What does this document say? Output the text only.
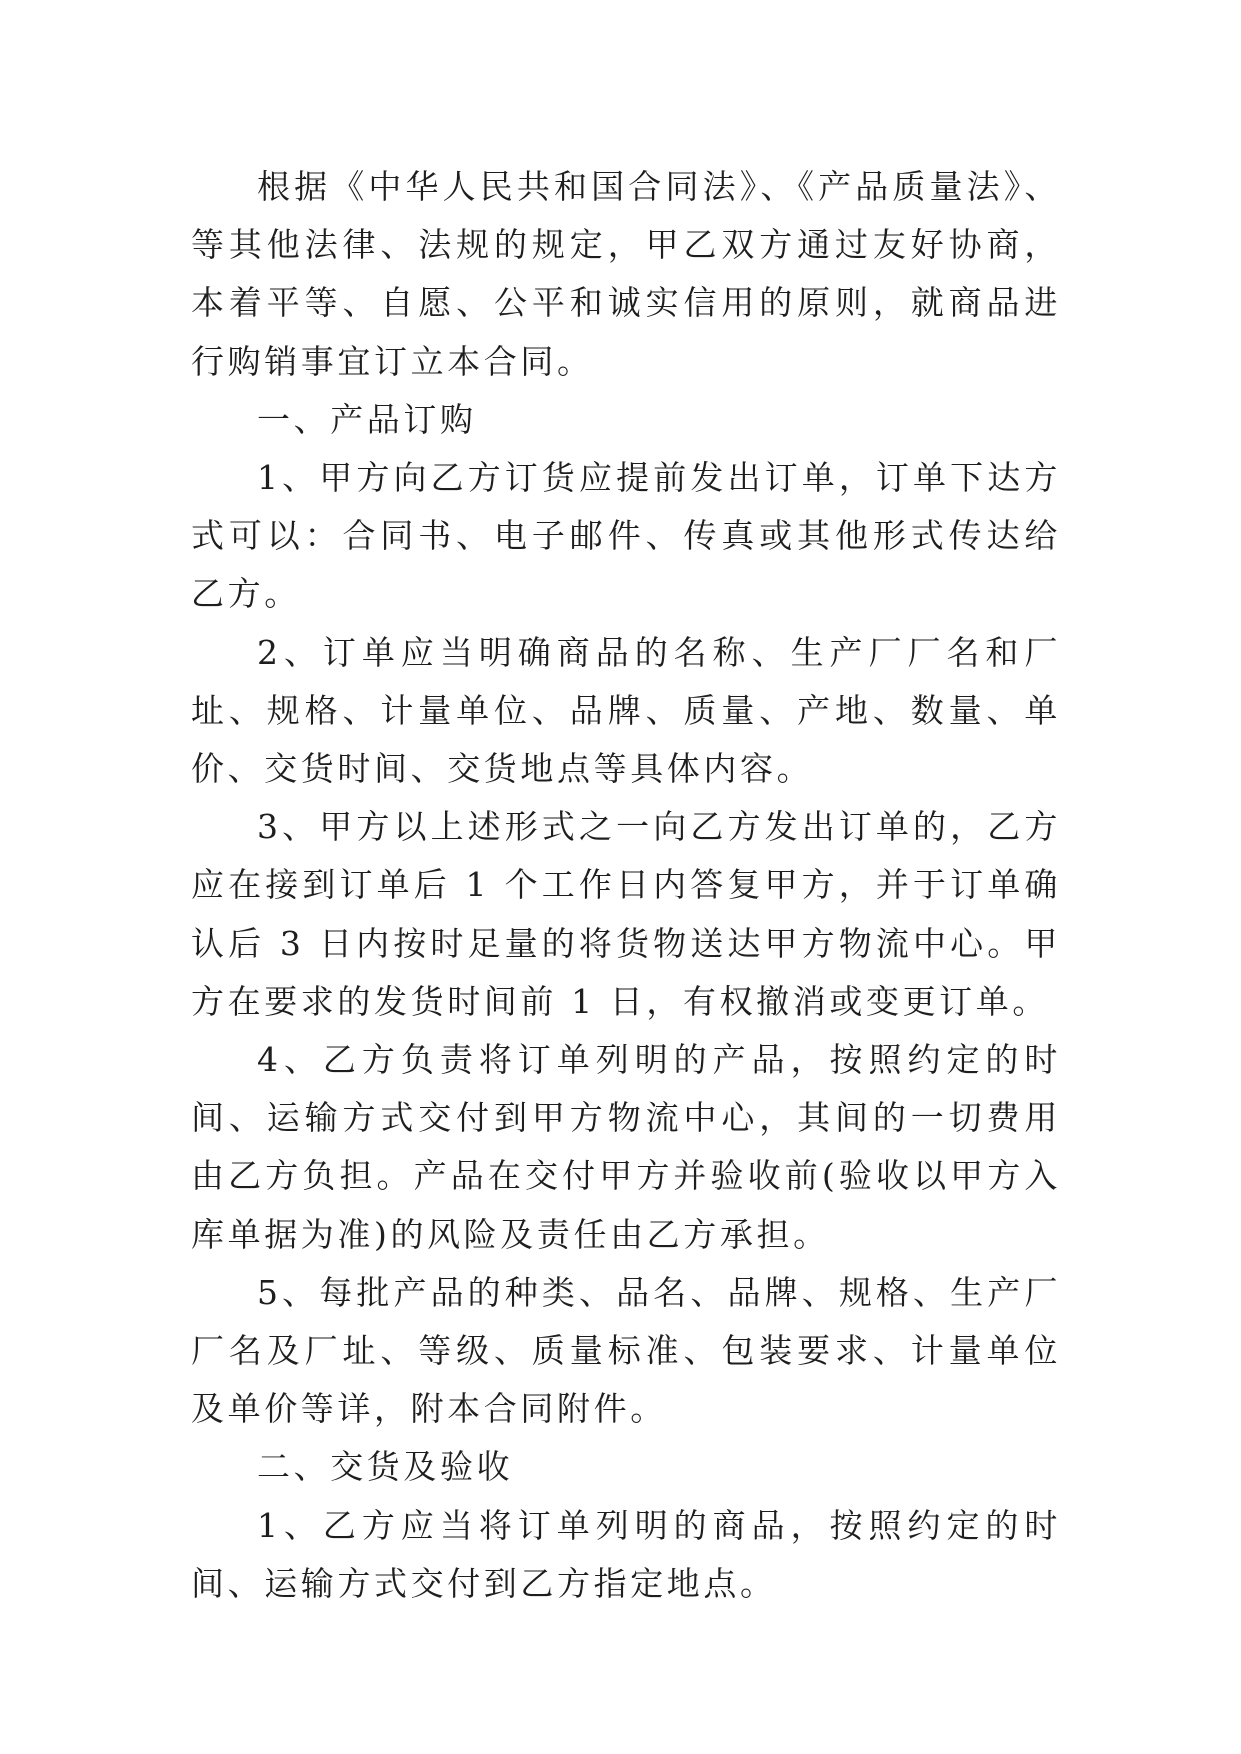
根据《中华人民共和国合同法》、《产品质量法》、等其他法律、法规的规定，甲乙双方通过友好协商，本着平等、自愿、公平和诚实信用的原则，就商品进行购销事宜订立本合同。

一、产品订购

1、甲方向乙方订货应提前发出订单，订单下达方式可以：合同书、电子邮件、传真或其他形式传达给乙方。

2、订单应当明确商品的名称、生产厂厂名和厂址、规格、计量单位、品牌、质量、产地、数量、单价、交货时间、交货地点等具体内容。

3、甲方以上述形式之一向乙方发出订单的，乙方应在接到订单后 1 个工作日内答复甲方，并于订单确认后 3 日内按时足量的将货物送达甲方物流中心。甲方在要求的发货时间前 1 日，有权撤消或变更订单。

4、乙方负责将订单列明的产品，按照约定的时间、运输方式交付到甲方物流中心，其间的一切费用由乙方负担。产品在交付甲方并验收前(验收以甲方入库单据为准)的风险及责任由乙方承担。

5、每批产品的种类、品名、品牌、规格、生产厂厂名及厂址、等级、质量标准、包装要求、计量单位及单价等详，附本合同附件。

二、交货及验收

1、乙方应当将订单列明的商品，按照约定的时间、运输方式交付到乙方指定地点。
